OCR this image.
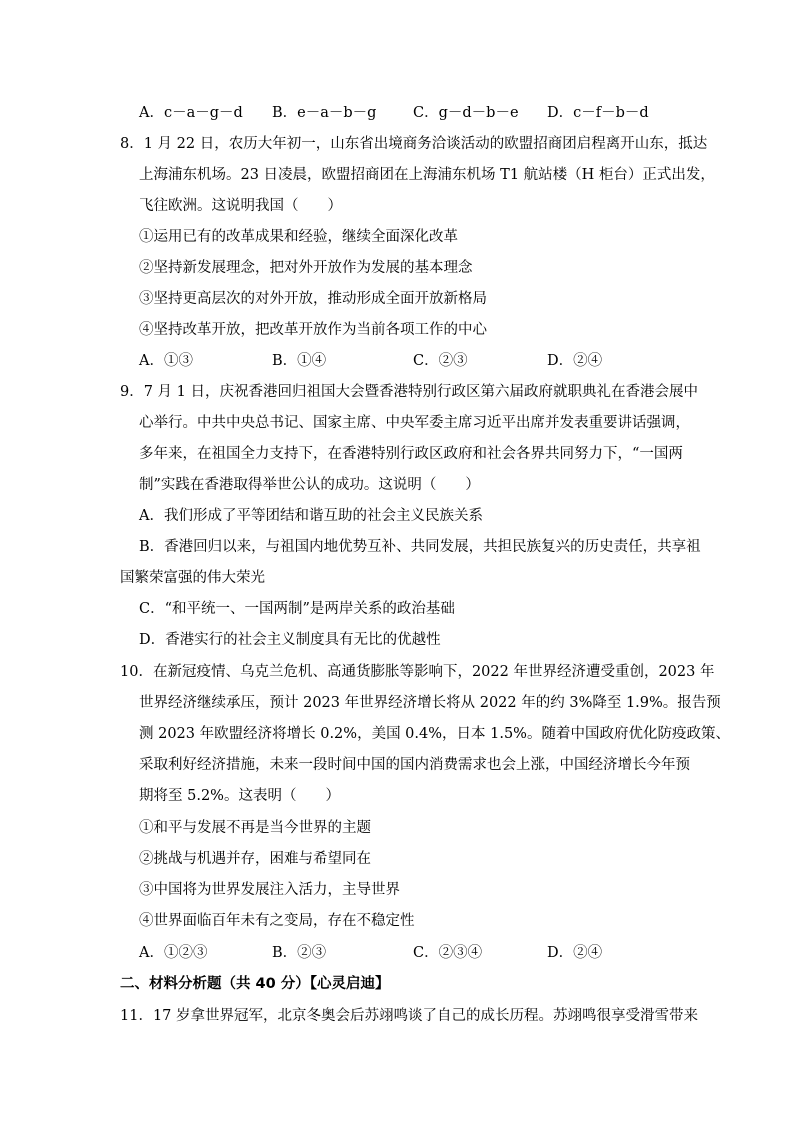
A．c－a－g－d B．e－a－b－g	C．g－d－b－e D．c－f－b－d
8．1 月 22 日，农历大年初一，山东省出境商务洽谈活动的欧盟招商团启程离开山东，抵达
上海浦东机场。23 日凌晨，欧盟招商团在上海浦东机场 T1 航站楼（H 柜台）正式出发，
飞往欧洲。这说明我国（　　）
①运用已有的改革成果和经验，继续全面深化改革
②坚持新发展理念，把对外开放作为发展的基本理念
③坚持更高层次的对外开放，推动形成全面开放新格局
④坚持改革开放，把改革开放作为当前各项工作的中心
A．①③	B．①④	C．②③	D．②④
9．7 月 1 日，庆祝香港回归祖国大会暨香港特别行政区第六届政府就职典礼在香港会展中
心举行。中共中央总书记、国家主席、中央军委主席习近平出席并发表重要讲话强调，
多年来，在祖国全力支持下，在香港特别行政区政府和社会各界共同努力下，“一国两
制”实践在香港取得举世公认的成功。这说明（　　）
A．我们形成了平等团结和谐互助的社会主义民族关系
B．香港回归以来，与祖国内地优势互补、共同发展，共担民族复兴的历史责任，共享祖
国繁荣富强的伟大荣光
C．“和平统一、一国两制”是两岸关系的政治基础
D．香港实行的社会主义制度具有无比的优越性
10．在新冠疫情、乌克兰危机、高通货膨胀等影响下，2022 年世界经济遭受重创，2023 年
世界经济继续承压，预计 2023 年世界经济增长将从 2022 年的约 3%降至 1.9%。报告预
测 2023 年欧盟经济将增长 0.2%，美国 0.4%，日本 1.5%。随着中国政府优化防疫政策、
采取利好经济措施，未来一段时间中国的国内消费需求也会上涨，中国经济增长今年预
期将至 5.2%。这表明（　　）
①和平与发展不再是当今世界的主题
②挑战与机遇并存，困难与希望同在
③中国将为世界发展注入活力，主导世界
④世界面临百年未有之变局，存在不稳定性
A．①②③	B．②③	C．②③④	D．②④
二、材料分析题（共 40 分）【心灵启迪】
11．17 岁拿世界冠军，北京冬奥会后苏翊鸣谈了自己的成长历程。苏翊鸣很享受滑雪带来
